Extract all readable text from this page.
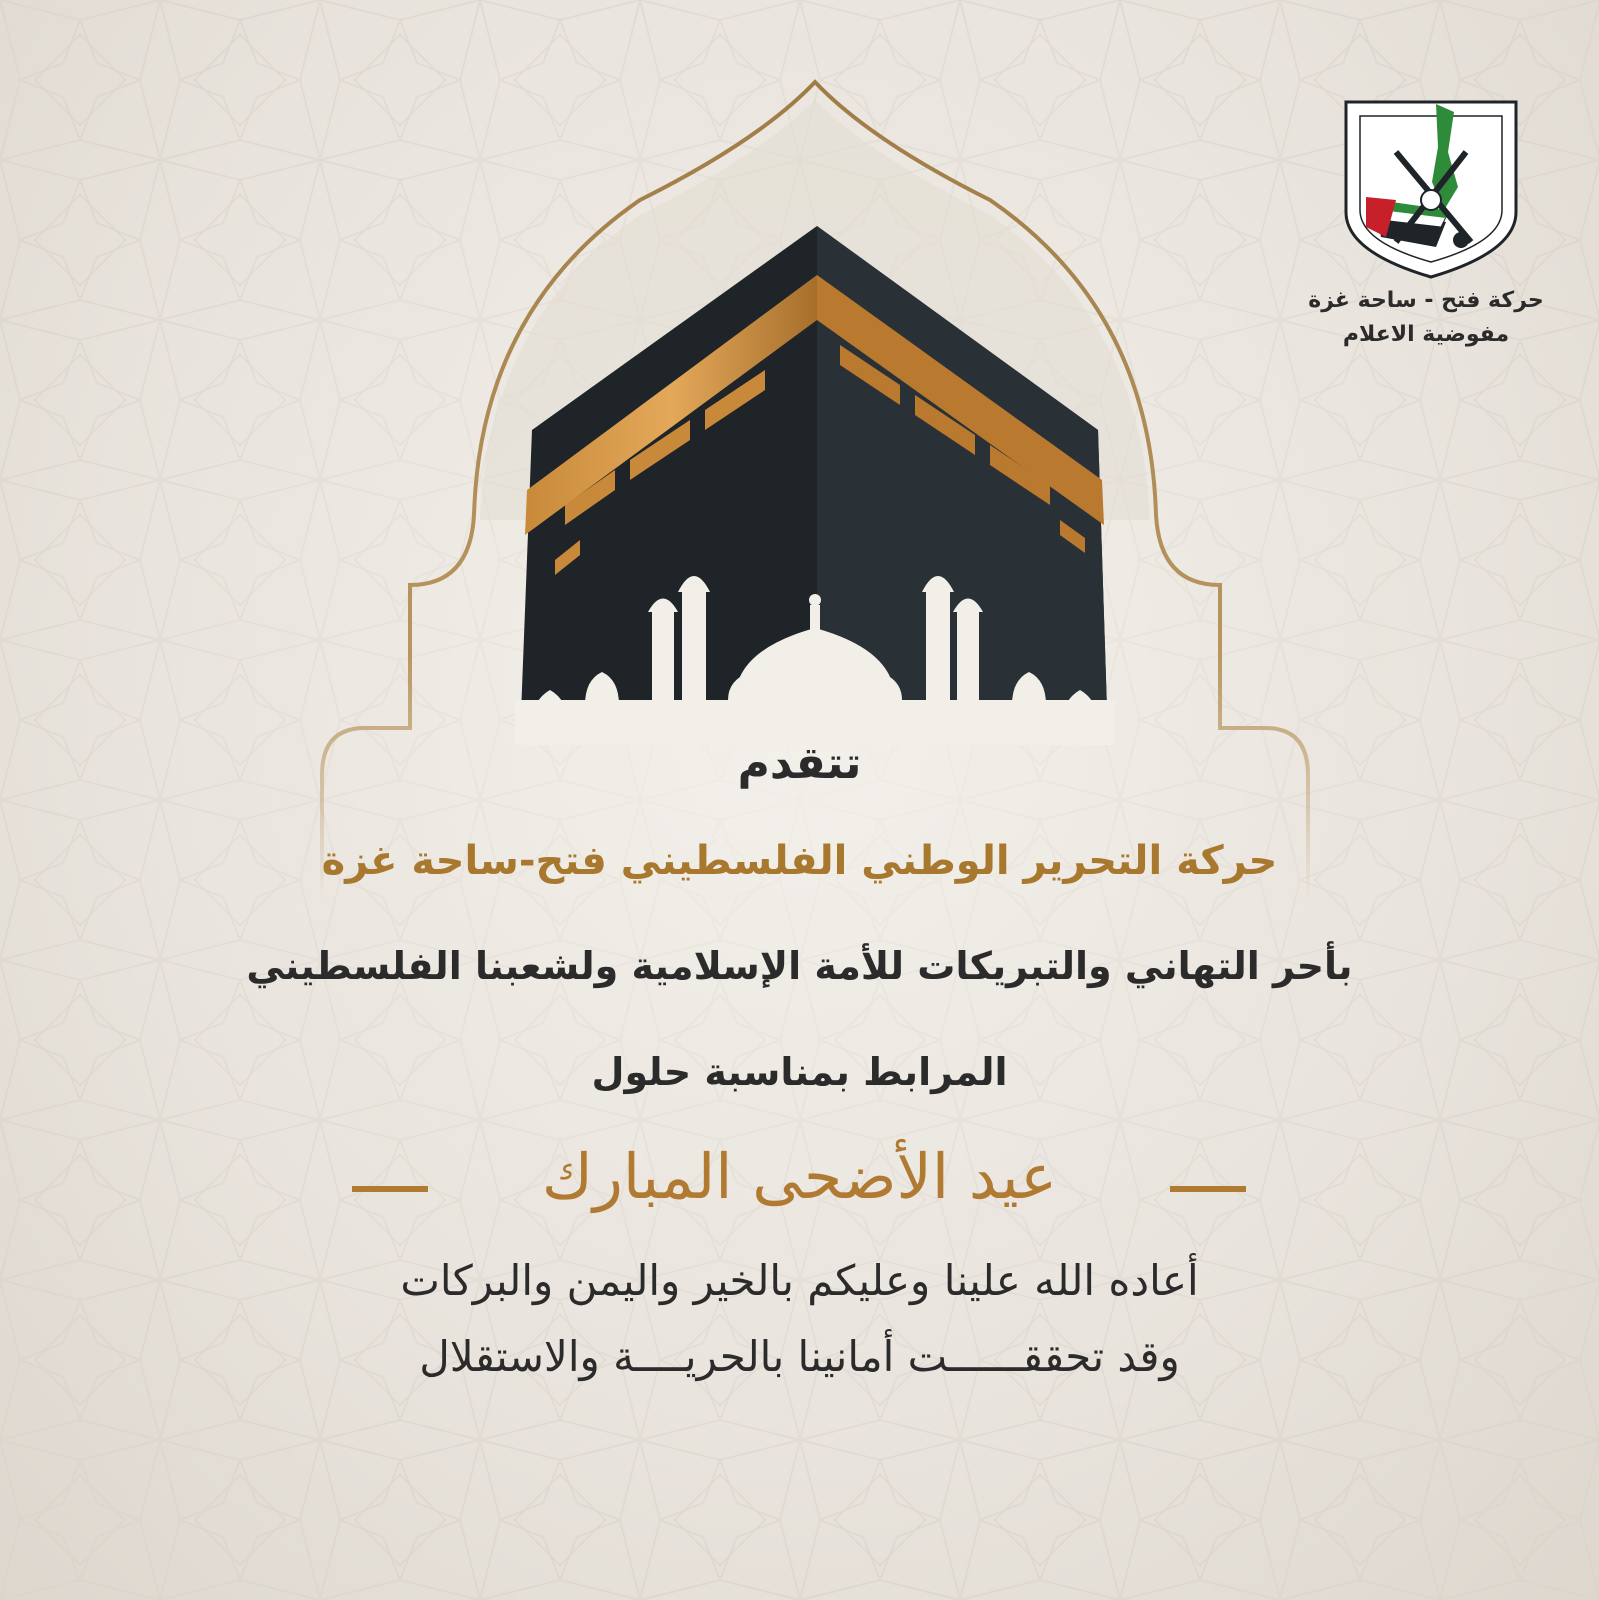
حركة فتح - ساحة غزة

مفوضية الاعلام

تتقدم

حركة التحرير الوطني الفلسطيني فتح-ساحة غزة

بأحر التهاني والتبريكات للأمة الإسلامية ولشعبنا الفلسطيني

المرابط بمناسبة حلول

عيد الأضحى المبارك

أعاده الله علينا وعليكم بالخير واليمن والبركات

وقد تحققــــــت أمانينا بالحريــــة والاستقلال
